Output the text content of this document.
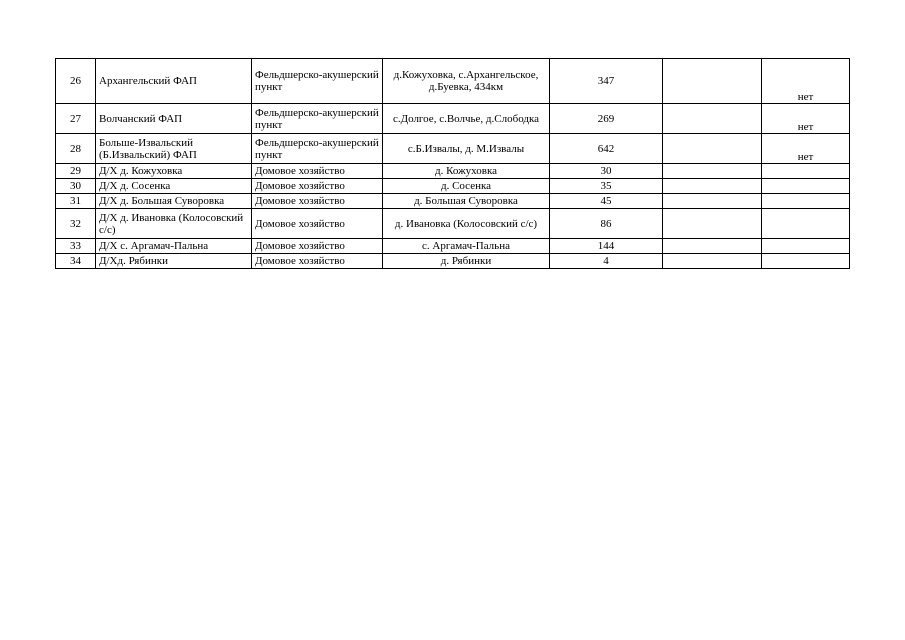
26	Архангельский ФАП	Фельдшерско-акушерский пункт	д.Кожуховка, с.Архангельское, д.Буевка, 434км	347		нет
27	Волчанский ФАП	Фельдшерско-акушерский пункт	с.Долгое, с.Волчье, д.Слободка	269		нет
28	Больше-Извальский (Б.Извальский) ФАП	Фельдшерско-акушерский пункт	с.Б.Извалы, д. М.Извалы	642		нет
29	Д/Х д. Кожуховка	Домовое хозяйство	д. Кожуховка	30		
30	Д/Х д. Сосенка	Домовое хозяйство	д. Сосенка	35		
31	Д/Х д. Большая Суворовка	Домовое хозяйство	д. Большая Суворовка	45		
32	Д/Х д. Ивановка (Колосовский с/с)	Домовое хозяйство	д. Ивановка (Колосовский с/с)	86		
33	Д/Х с. Аргамач-Пальна	Домовое хозяйство	с. Аргамач-Пальна	144		
34	Д/Хд. Рябинки	Домовое хозяйство	д. Рябинки	4		
